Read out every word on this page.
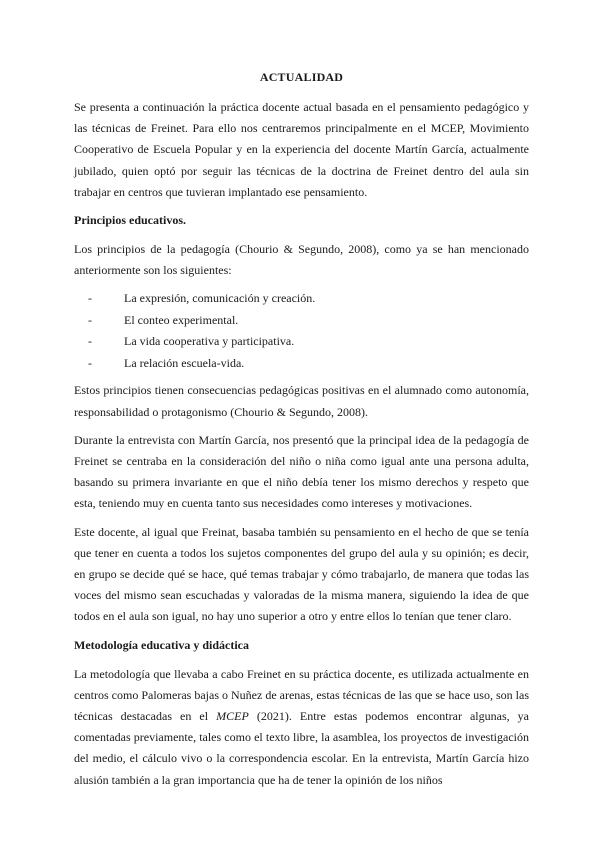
ACTUALIDAD

Se presenta a continuación la práctica docente actual basada en el pensamiento pedagógico y las técnicas de Freinet. Para ello nos centraremos principalmente en el MCEP, Movimiento Cooperativo de Escuela Popular y en la experiencia del docente Martín García, actualmente jubilado, quien optó por seguir las técnicas de la doctrina de Freinet dentro del aula sin trabajar en centros que tuvieran implantado ese pensamiento.

Principios educativos.

Los principios de la pedagogía (Chourio & Segundo, 2008), como ya se han mencionado anteriormente son los siguientes:

-	La expresión, comunicación y creación.
-	El conteo experimental.
-	La vida cooperativa y participativa.
-	La relación escuela-vida.

Estos principios tienen consecuencias pedagógicas positivas en el alumnado como autonomía, responsabilidad o protagonismo (Chourio & Segundo, 2008).

Durante la entrevista con Martín García, nos presentó que la principal idea de la pedagogía de Freinet se centraba en la consideración del niño o niña como igual ante una persona adulta, basando su primera invariante en que el niño debía tener los mismo derechos y respeto que esta, teniendo muy en cuenta tanto sus necesidades como intereses y motivaciones.

Este docente, al igual que Freinat, basaba también su pensamiento en el hecho de que se tenía que tener en cuenta a todos los sujetos componentes del grupo del aula y su opinión; es decir, en grupo se decide qué se hace, qué temas trabajar y cómo trabajarlo, de manera que todas las voces del mismo sean escuchadas y valoradas de la misma manera, siguiendo la idea de que todos en el aula son igual, no hay uno superior a otro y entre ellos lo tenían que tener claro.

Metodología educativa y didáctica

La metodología que llevaba a cabo Freinet en su práctica docente, es utilizada actualmente en centros como Palomeras bajas o Nuñez de arenas, estas técnicas de las que se hace uso, son las técnicas destacadas en el MCEP (2021). Entre estas podemos encontrar algunas, ya comentadas previamente, tales como el texto libre, la asamblea, los proyectos de investigación del medio, el cálculo vivo o la correspondencia escolar. En la entrevista, Martín García hizo alusión también a la gran importancia que ha de tener la opinión de los niños
